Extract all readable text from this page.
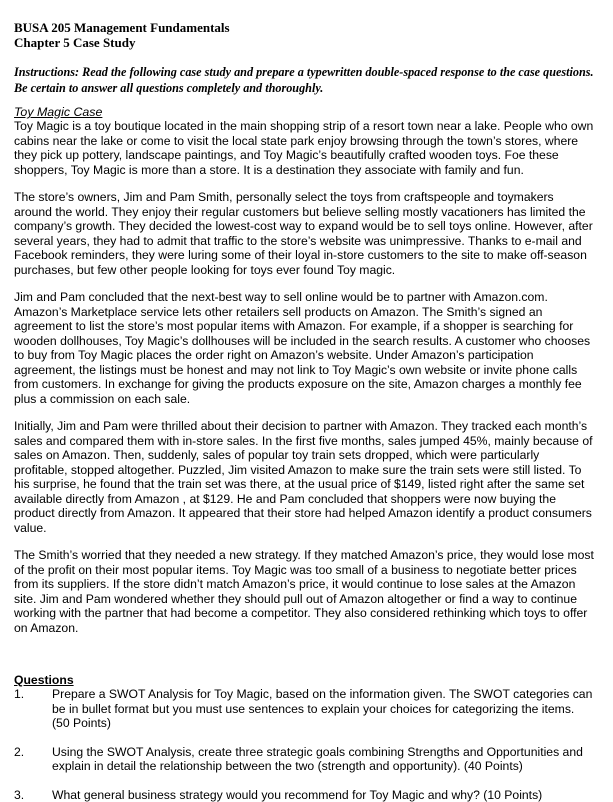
BUSA 205 Management Fundamentals
Chapter 5 Case Study
Instructions: Read the following case study and prepare a typewritten double-spaced response to the case questions. Be certain to answer all questions completely and thoroughly.
Toy Magic Case

Toy Magic is a toy boutique located in the main shopping strip of a resort town near a lake. People who own cabins near the lake or come to visit the local state park enjoy browsing through the town’s stores, where they pick up pottery, landscape paintings, and Toy Magic’s beautifully crafted wooden toys. Foe these shoppers, Toy Magic is more than a store. It is a destination they associate with family and fun.

The store’s owners, Jim and Pam Smith, personally select the toys from craftspeople and toymakers around the world. They enjoy their regular customers but believe selling mostly vacationers has limited the company’s growth. They decided the lowest-cost way to expand would be to sell toys online. However, after several years, they had to admit that traffic to the store’s website was unimpressive. Thanks to e-mail and Facebook reminders, they were luring some of their loyal in-store customers to the site to make off-season purchases, but few other people looking for toys ever found Toy magic.

Jim and Pam concluded that the next-best way to sell online would be to partner with Amazon.com. Amazon’s Marketplace service lets other retailers sell products on Amazon. The Smith’s signed an agreement to list the store’s most popular items with Amazon. For example, if a shopper is searching for wooden dollhouses, Toy Magic’s dollhouses will be included in the search results. A customer who chooses to buy from Toy Magic places the order right on Amazon’s website. Under Amazon’s participation agreement, the listings must be honest and may not link to Toy Magic’s own website or invite phone calls from customers. In exchange for giving the products exposure on the site, Amazon charges a monthly fee plus a commission on each sale.

Initially, Jim and Pam were thrilled about their decision to partner with Amazon. They tracked each month’s sales and compared them with in-store sales. In the first five months, sales jumped 45%, mainly because of sales on Amazon. Then, suddenly, sales of popular toy train sets dropped, which were particularly profitable, stopped altogether. Puzzled, Jim visited Amazon to make sure the train sets were still listed. To his surprise, he found that the train set was there, at the usual price of $149, listed right after the same set available directly from Amazon , at $129. He and Pam concluded that shoppers were now buying the product directly from Amazon. It appeared that their store had helped Amazon identify a product consumers value.

The Smith’s worried that they needed a new strategy. If they matched Amazon’s price, they would lose most of the profit on their most popular items. Toy Magic was too small of a business to negotiate better prices from its suppliers. If the store didn’t match Amazon’s price, it would continue to lose sales at the Amazon site. Jim and Pam wondered whether they should pull out of Amazon altogether or find a way to continue working with the partner that had become a competitor. They also considered rethinking which toys to offer on Amazon.

Questions
1.	Prepare a SWOT Analysis for Toy Magic, based on the information given. The SWOT categories can be in bullet format but you must use sentences to explain your choices for categorizing the items.
(50 Points)
2.	Using the SWOT Analysis, create three strategic goals combining Strengths and Opportunities and explain in detail the relationship between the two (strength and opportunity). (40 Points)
3.	What general business strategy would you recommend for Toy Magic and why? (10 Points)
